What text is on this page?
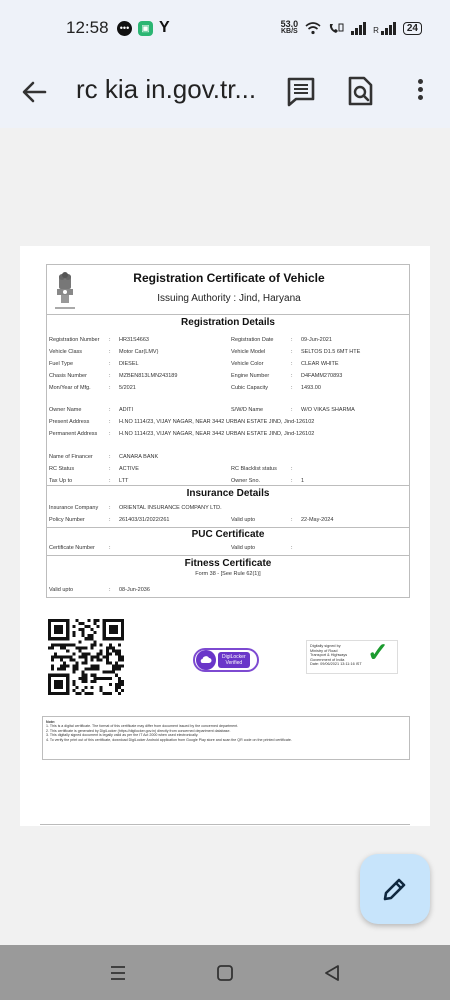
12:58	•••	▣ Y	53.0
KB/S	R	24
rc kia in.gov.tr...
Registration Certificate of Vehicle
Issuing Authority : Jind, Haryana
Registration Details
Registration Number : HR31S4663	Registration Date	: 09-Jun-2021
Vehicle Class	: Motor Car(LMV)	Vehicle Model	: SELTOS D1.5 6MT HTE
Fuel Type	: DIESEL	Vehicle Color	: CLEAR WHITE
Chasis Number	: MZBEN813LMN243189	Engine Number	: D4FAMM270893
Mon/Year of Mfg.	: 5/2021	Cubic Capacity	: 1493.00
Owner Name	: ADITI	S/W/D Name	: W/O VIKAS SHARMA
Present Address	: H.NO 1114/23, VIJAY NAGAR, NEAR 3442 URBAN ESTATE JIND, Jind-126102
Permanent Address : H.NO 1114/23, VIJAY NAGAR, NEAR 3442 URBAN ESTATE JIND, Jind-126102
Name of Financer	: CANARA BANK
RC Status	: ACTIVE	RC Blacklist status	:
Tax Up to	: LTT	Owner Sno.	: 1
Insurance Details
Insurance Company : ORIENTAL INSURANCE COMPANY LTD.
Policy Number	: 261403/31/2022/261	Valid upto	: 22-May-2024
PUC Certificate
Certificate Number	:	Valid upto	:
Fitness Certificate
Form 38 - [See Rule 62(1)]
Valid upto	: 08-Jun-2036
DigiLocker
Verified
Digitally signed by
Ministry of Road
Transport & Highways
Government of India
Date: 09/06/2021 13:11:16 IST ✓
Note:
1. This is a digital certificate. The format of this certificate may differ from document issued by the concerned department.
2. This certificate is generated by DigiLocker (https://digilocker.gov.in) directly from concerned department database.
3. This digitally signed document is legally valid as per the IT Act 2000 when used electronically.
4. To verify the print out of this certificate, download DigiLocker Android application from Google Play store and scan the QR code on the printed certificate.
